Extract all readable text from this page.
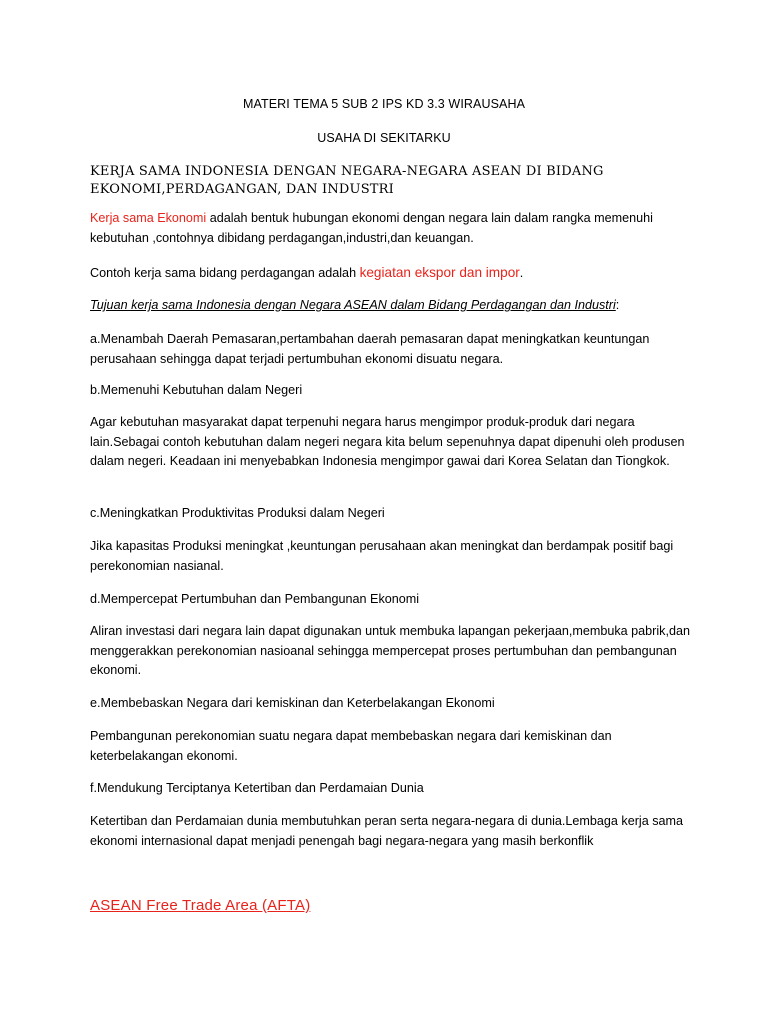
MATERI TEMA 5 SUB 2 IPS KD 3.3 WIRAUSAHA
USAHA DI SEKITARKU
KERJA SAMA INDONESIA DENGAN NEGARA-NEGARA ASEAN DI BIDANG EKONOMI,PERDAGANGAN, DAN INDUSTRI
Kerja sama Ekonomi adalah bentuk hubungan ekonomi dengan negara lain dalam rangka memenuhi kebutuhan ,contohnya dibidang perdagangan,industri,dan keuangan.
Contoh kerja sama bidang perdagangan adalah kegiatan ekspor dan impor.
Tujuan kerja sama Indonesia dengan Negara ASEAN dalam Bidang Perdagangan dan Industri:
a.Menambah Daerah Pemasaran,pertambahan daerah pemasaran dapat meningkatkan keuntungan perusahaan sehingga dapat terjadi pertumbuhan ekonomi disuatu negara.
b.Memenuhi Kebutuhan dalam Negeri
Agar kebutuhan masyarakat dapat terpenuhi negara harus mengimpor produk-produk dari negara lain.Sebagai contoh kebutuhan dalam negeri negara kita belum sepenuhnya dapat dipenuhi oleh produsen dalam negeri. Keadaan ini menyebabkan Indonesia mengimpor gawai dari Korea Selatan dan Tiongkok.
c.Meningkatkan Produktivitas Produksi dalam Negeri
Jika kapasitas Produksi meningkat ,keuntungan perusahaan akan meningkat dan berdampak positif bagi perekonomian nasianal.
d.Mempercepat Pertumbuhan dan Pembangunan Ekonomi
Aliran investasi dari negara lain dapat digunakan untuk membuka lapangan pekerjaan,membuka pabrik,dan menggerakkan perekonomian nasioanal sehingga mempercepat proses pertumbuhan dan pembangunan ekonomi.
e.Membebaskan Negara dari kemiskinan dan Keterbelakangan Ekonomi
Pembangunan perekonomian suatu negara dapat membebaskan negara dari kemiskinan dan keterbelakangan ekonomi.
f.Mendukung Terciptanya Ketertiban dan Perdamaian Dunia
Ketertiban dan Perdamaian dunia membutuhkan peran serta negara-negara di dunia.Lembaga kerja sama ekonomi internasional dapat menjadi penengah bagi negara-negara yang masih berkonflik
ASEAN Free Trade Area (AFTA)
